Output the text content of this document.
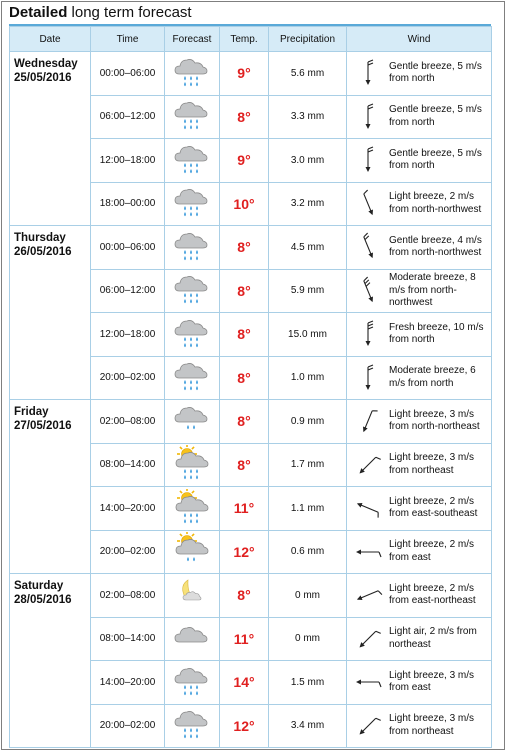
Detailed long term forecast
Date	Time	Forecast	Temp.	Precipitation	Wind

Wednesday
25/05/2016	00:00–06:00		9°	5.6 mm	Gentle breeze, 5 m/s from north

	06:00–12:00		8°	3.3 mm	Gentle breeze, 5 m/s from north

	12:00–18:00		9°	3.0 mm	Gentle breeze, 5 m/s from north

	18:00–00:00		10°	3.2 mm	Light breeze, 2 m/s from north-northwest

Thursday
26/05/2016	00:00–06:00		8°	4.5 mm	Gentle breeze, 4 m/s from north-northwest

	06:00–12:00		8°	5.9 mm	Moderate breeze, 8 m/s from north-northwest

	12:00–18:00		8°	15.0 mm	Fresh breeze, 10 m/s from north

	20:00–02:00		8°	1.0 mm	Moderate breeze, 6 m/s from north

Friday
27/05/2016	02:00–08:00		8°	0.9 mm	Light breeze, 3 m/s from north-northeast

	08:00–14:00		8°	1.7 mm	Light breeze, 3 m/s from northeast

	14:00–20:00		11°	1.1 mm	Light breeze, 2 m/s from east-southeast

	20:00–02:00		12°	0.6 mm	Light breeze, 2 m/s from east

Saturday
28/05/2016	02:00–08:00		8°	0 mm	Light breeze, 2 m/s from east-northeast

	08:00–14:00		11°	0 mm	Light air, 2 m/s from northeast

	14:00–20:00		14°	1.5 mm	Light breeze, 3 m/s from east

	20:00–02:00		12°	3.4 mm	Light breeze, 3 m/s from northeast
